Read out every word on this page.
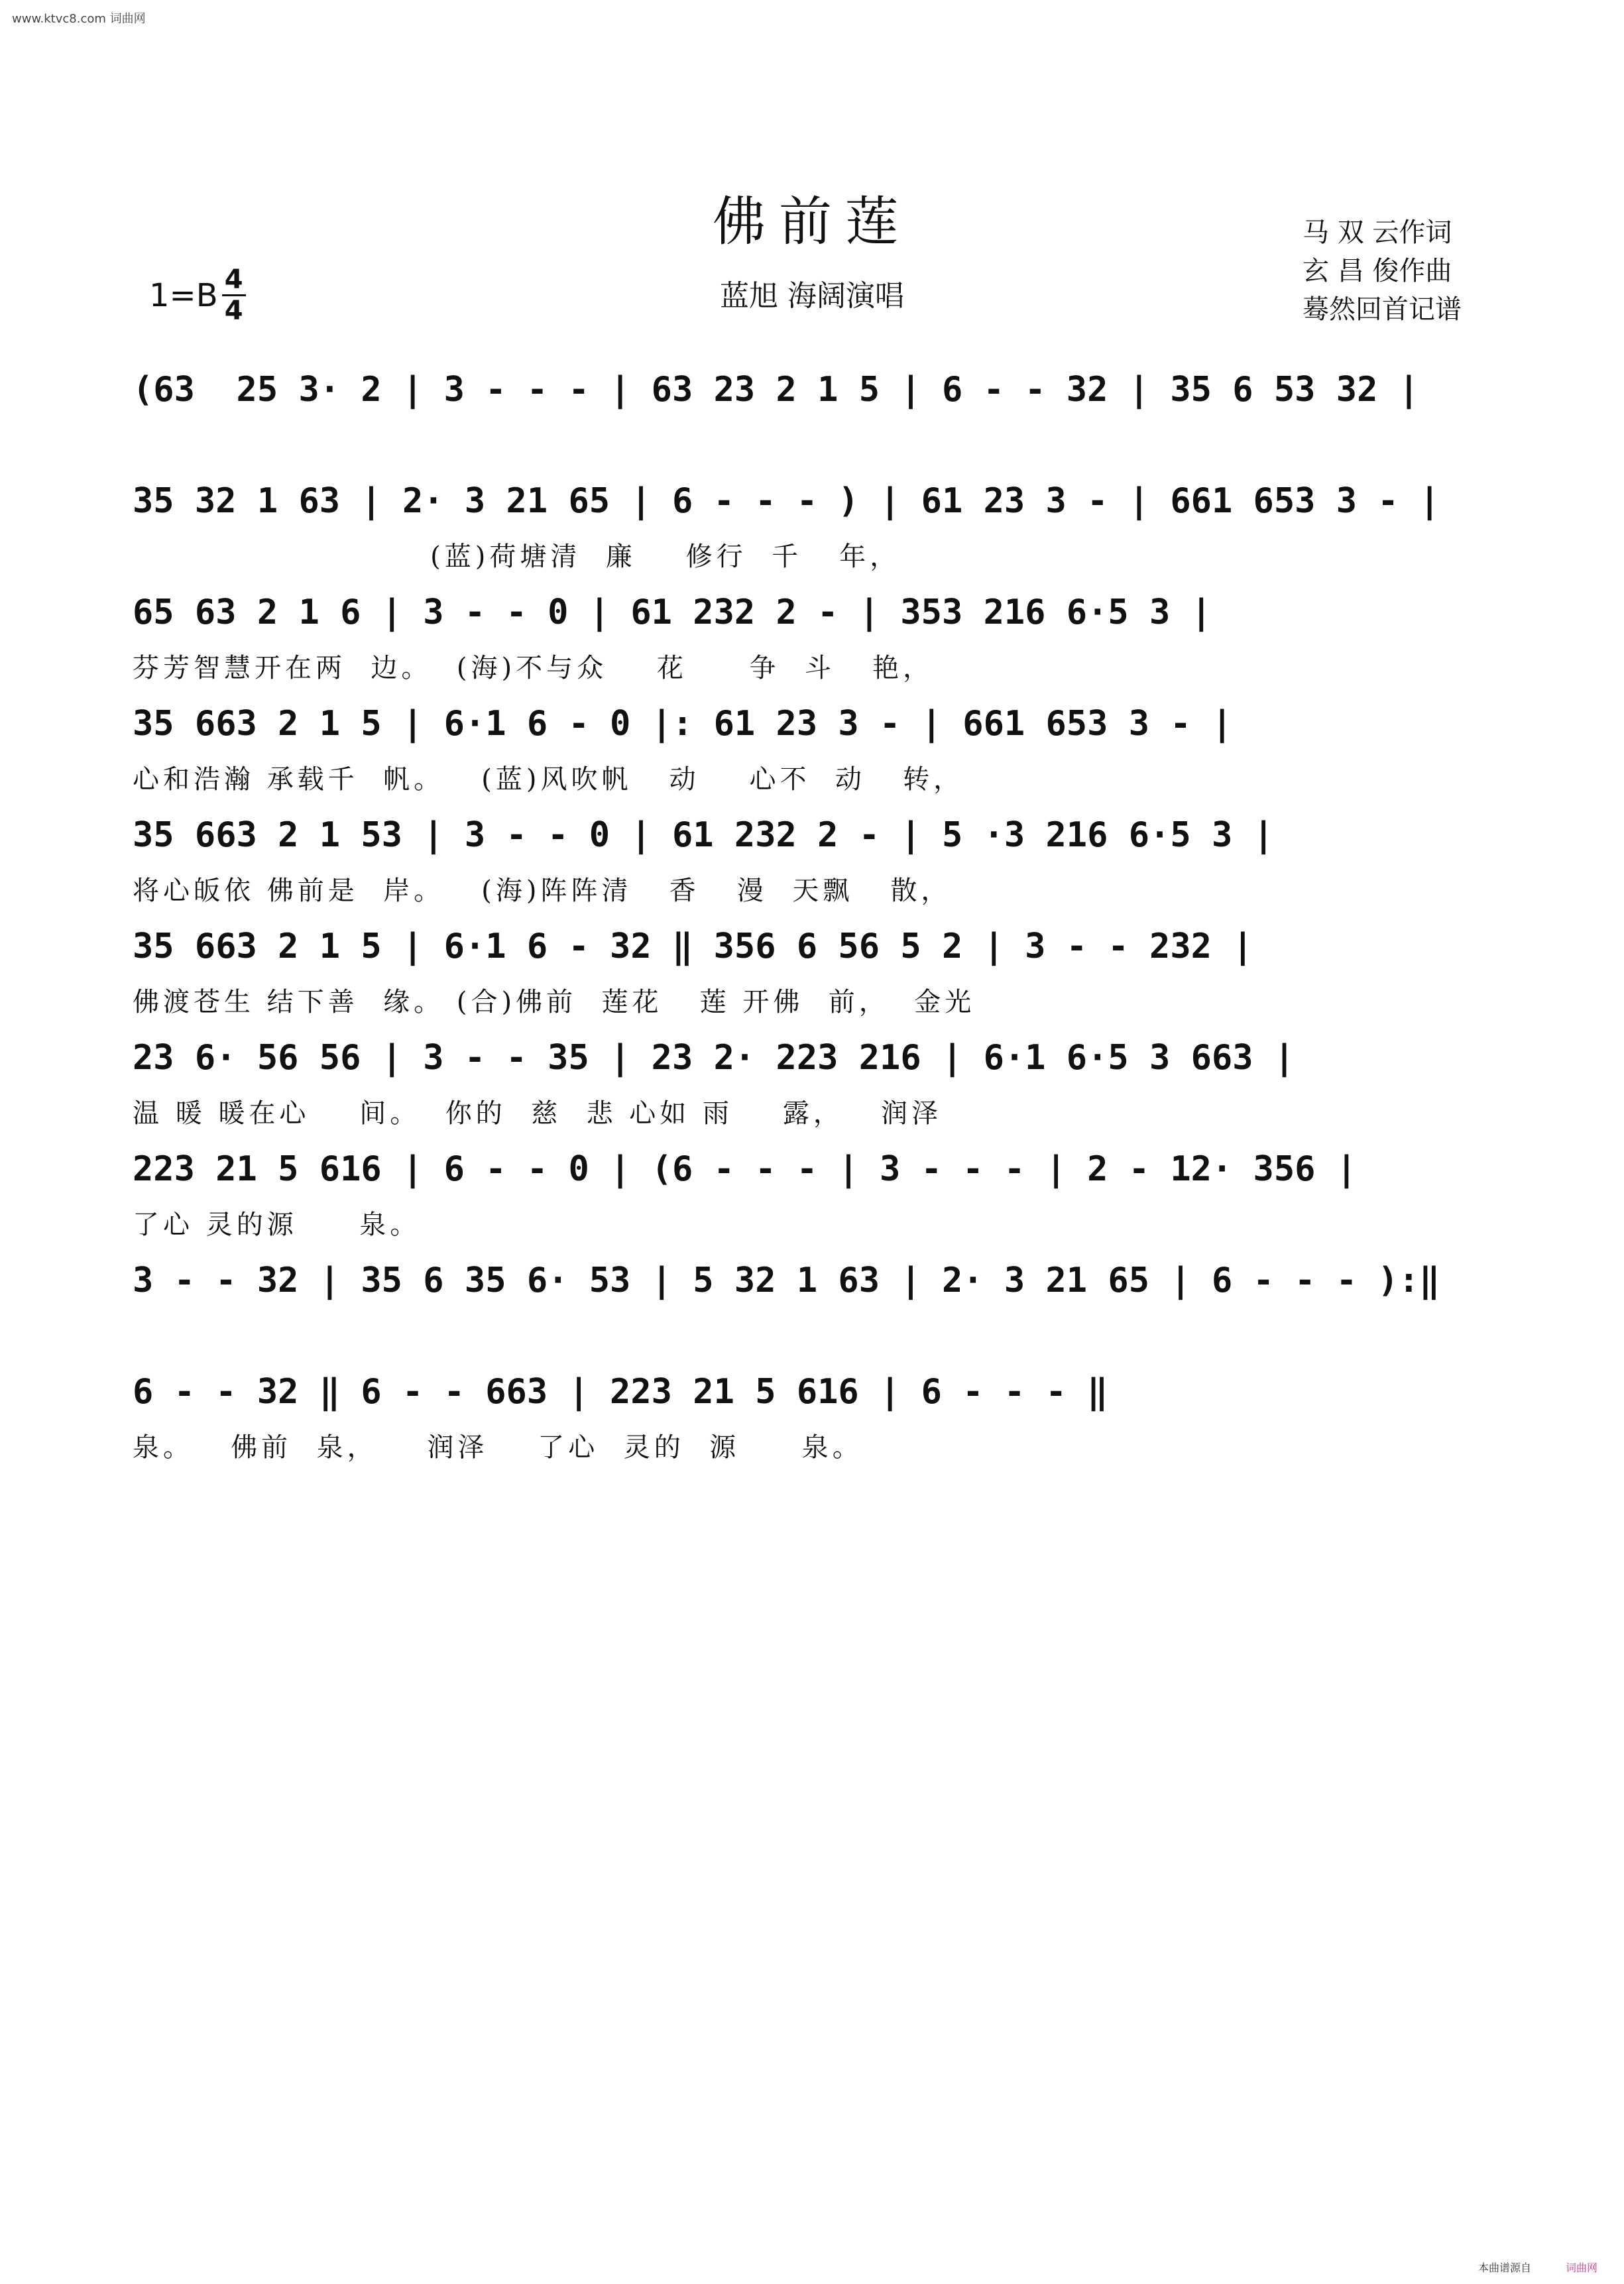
www.ktvc8.com 词曲网
佛前莲
蓝旭 海阔演唱
$1=B \frac{4}{4}$
马 双 云作词
玄 昌 俊作曲
蓦然回首记谱
(63  25 3· 2 | 3 - - - | 63 23 2 1 5 | 6 - - 32 | 35 6 53 32 |
35 32 1 63 | 2· 3 21 65 | 6 - - - ) | 61 23 3 - | 661 653 3 - |
(蓝)荷塘清  廉    修行  千   年，
65 63 2 1 6 | 3 - - 0 | 61 232 2 - | 353 216 6·5 3 |
芬芳智慧开在两  边。  (海)不与众    花     争  斗   艳，
35 663 2 1 5 | 6·1 6 - 0 |: 61 23 3 - | 661 653 3 - |
心和浩瀚 承载千  帆。   (蓝)风吹帆   动    心不  动   转，
35 663 2 1 53 | 3 - - 0 | 61 232 2 - | 5 ·3 216 6·5 3 |
将心皈依 佛前是  岸。   (海)阵阵清   香   漫  天飘   散，
35 663 2 1 5 | 6·1 6 - 32 ‖ 356 6 56 5 2 | 3 - - 232 |
佛渡苍生 结下善  缘。 (合)佛前  莲花   莲 开佛  前，  金光
23 6· 56 56 | 3 - - 35 | 23 2· 223 216 | 6·1 6·5 3 663 |
温 暖 暖在心    间。  你的  慈  悲 心如 雨    露，   润泽
223 21 5 616 | 6 - - 0 | (6 - - - | 3 - - - | 2 - 12· 356 |
了心 灵的源     泉。
3 - - 32 | 35 6 35 6· 53 | 5 32 1 63 | 2· 3 21 65 | 6 - - - ):‖
6 - - 32 ‖ 6 - - 663 | 223 21 5 616 | 6 - - - ‖
泉。   佛前  泉，    润泽    了心  灵的  源     泉。
本曲谱源自	词曲网
